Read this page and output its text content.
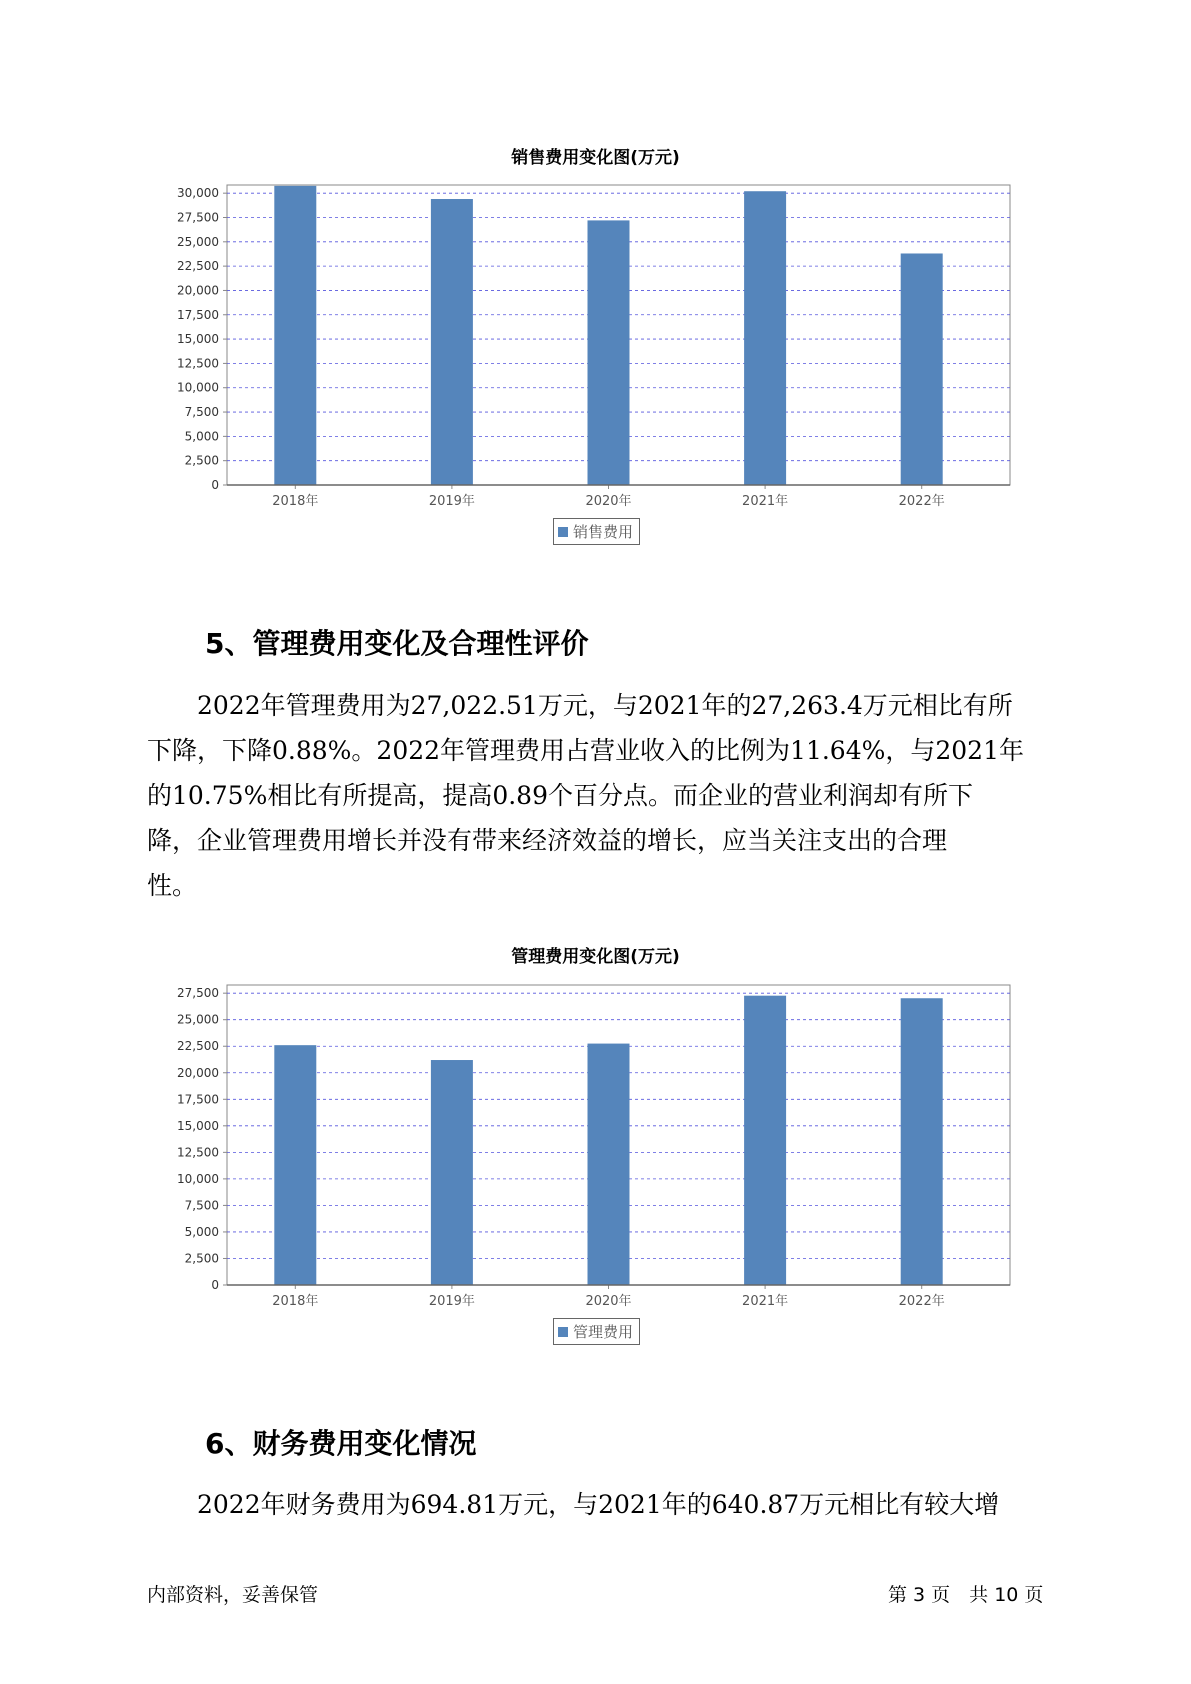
销售费用变化图(万元)
0
2,500
5,000
7,500
10,000
12,500
15,000
17,500
20,000
22,500
25,000
27,500
30,000
2018年	2019年	2020年	2021年	2022年
销售费用
5、管理费用变化及合理性评价
　　2022年管理费用为27,022.51万元，与2021年的27,263.4万元相比有所
下降，下降0.88%。2022年管理费用占营业收入的比例为11.64%，与2021年
的10.75%相比有所提高，提高0.89个百分点。而企业的营业利润却有所下
降，企业管理费用增长并没有带来经济效益的增长，应当关注支出的合理
性。
管理费用变化图(万元)
0
2,500
5,000
7,500
10,000
12,500
15,000
17,500
20,000
22,500
25,000
27,500
2018年	2019年	2020年	2021年	2022年
管理费用
6、财务费用变化情况
　　2022年财务费用为694.81万元，与2021年的640.87万元相比有较大增
内部资料，妥善保管	第 3 页　共 10 页
